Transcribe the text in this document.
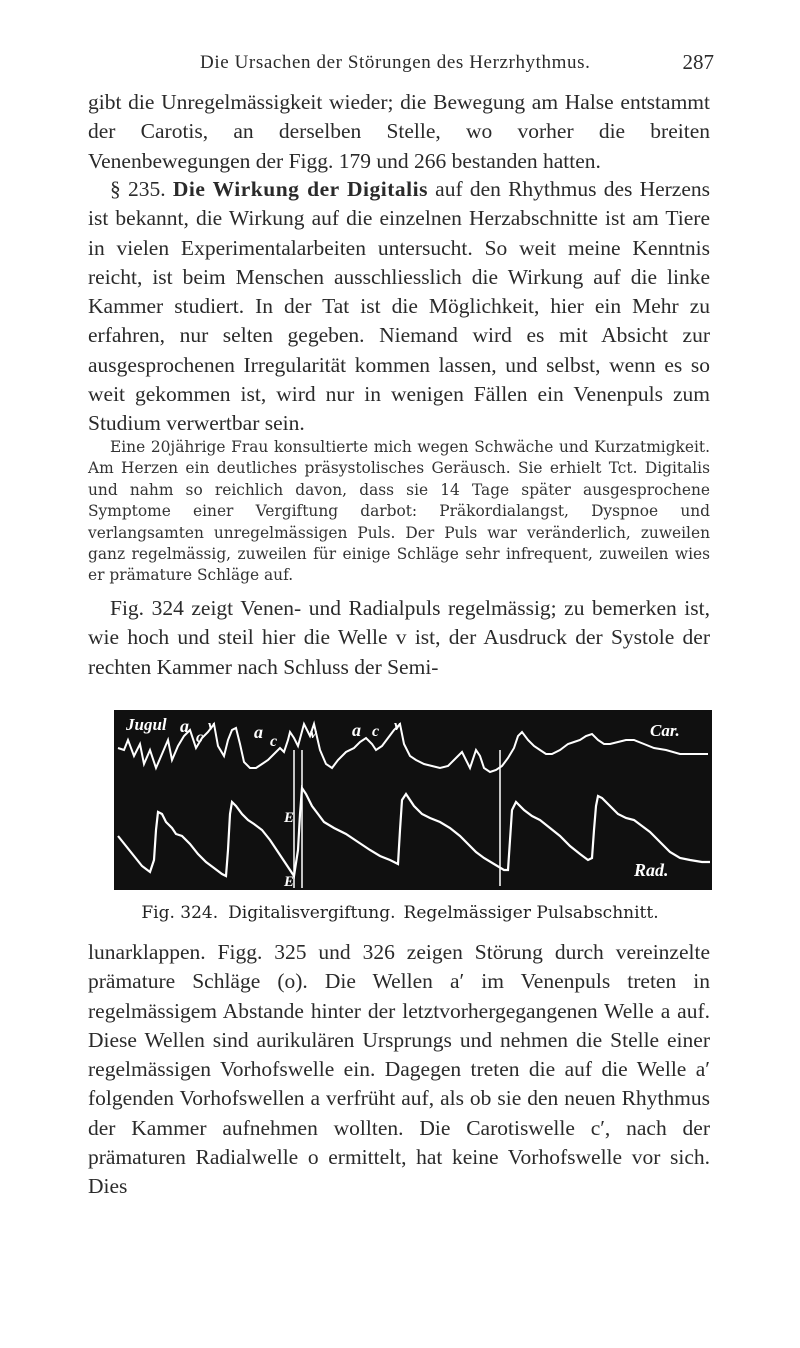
Die Ursachen der Störungen des Herzrhythmus.	287

gibt die Unregelmässigkeit wieder; die Bewegung am Halse entstammt der Carotis, an derselben Stelle, wo vorher die breiten Venenbewegungen der Figg. 179 und 266 bestanden hatten.

§ 235. Die Wirkung der Digitalis auf den Rhythmus des Herzens ist bekannt, die Wirkung auf die einzelnen Herzabschnitte ist am Tiere in vielen Experimentalarbeiten untersucht. So weit meine Kenntnis reicht, ist beim Menschen ausschliesslich die Wirkung auf die linke Kammer studiert. In der Tat ist die Möglichkeit, hier ein Mehr zu erfahren, nur selten gegeben. Niemand wird es mit Absicht zur ausgesprochenen Irregularität kommen lassen, und selbst, wenn es so weit gekommen ist, wird nur in wenigen Fällen ein Venenpuls zum Studium verwertbar sein.

Eine 20jährige Frau konsultierte mich wegen Schwäche und Kurzatmigkeit. Am Herzen ein deutliches präsystolisches Geräusch. Sie erhielt Tct. Digitalis und nahm so reichlich davon, dass sie 14 Tage später ausgesprochene Symptome einer Vergiftung darbot: Präkordialangst, Dyspnoe und verlangsamten unregelmässigen Puls. Der Puls war veränderlich, zuweilen ganz regelmässig, zuweilen für einige Schläge sehr infrequent, zuweilen wies er prämature Schläge auf.

Fig. 324 zeigt Venen- und Radialpuls regelmässig; zu bemerken ist, wie hoch und steil hier die Welle v ist, der Ausdruck der Systole der rechten Kammer nach Schluss der Semi-

Jugul a
c
v a c v a c v	Car.
Rad.
E
E
Fig. 324. Digitalisvergiftung. Regelmässiger Pulsabschnitt.

lunarklappen. Figg. 325 und 326 zeigen Störung durch vereinzelte prämature Schläge (o). Die Wellen a′ im Venenpuls treten in regelmässigem Abstande hinter der letztvorhergegangenen Welle a auf. Diese Wellen sind aurikulären Ursprungs und nehmen die Stelle einer regelmässigen Vorhofswelle ein. Dagegen treten die auf die Welle a′ folgenden Vorhofswellen a verfrüht auf, als ob sie den neuen Rhythmus der Kammer aufnehmen wollten. Die Carotiswelle c′, nach der prämaturen Radialwelle o ermittelt, hat keine Vorhofswelle vor sich. Dies
